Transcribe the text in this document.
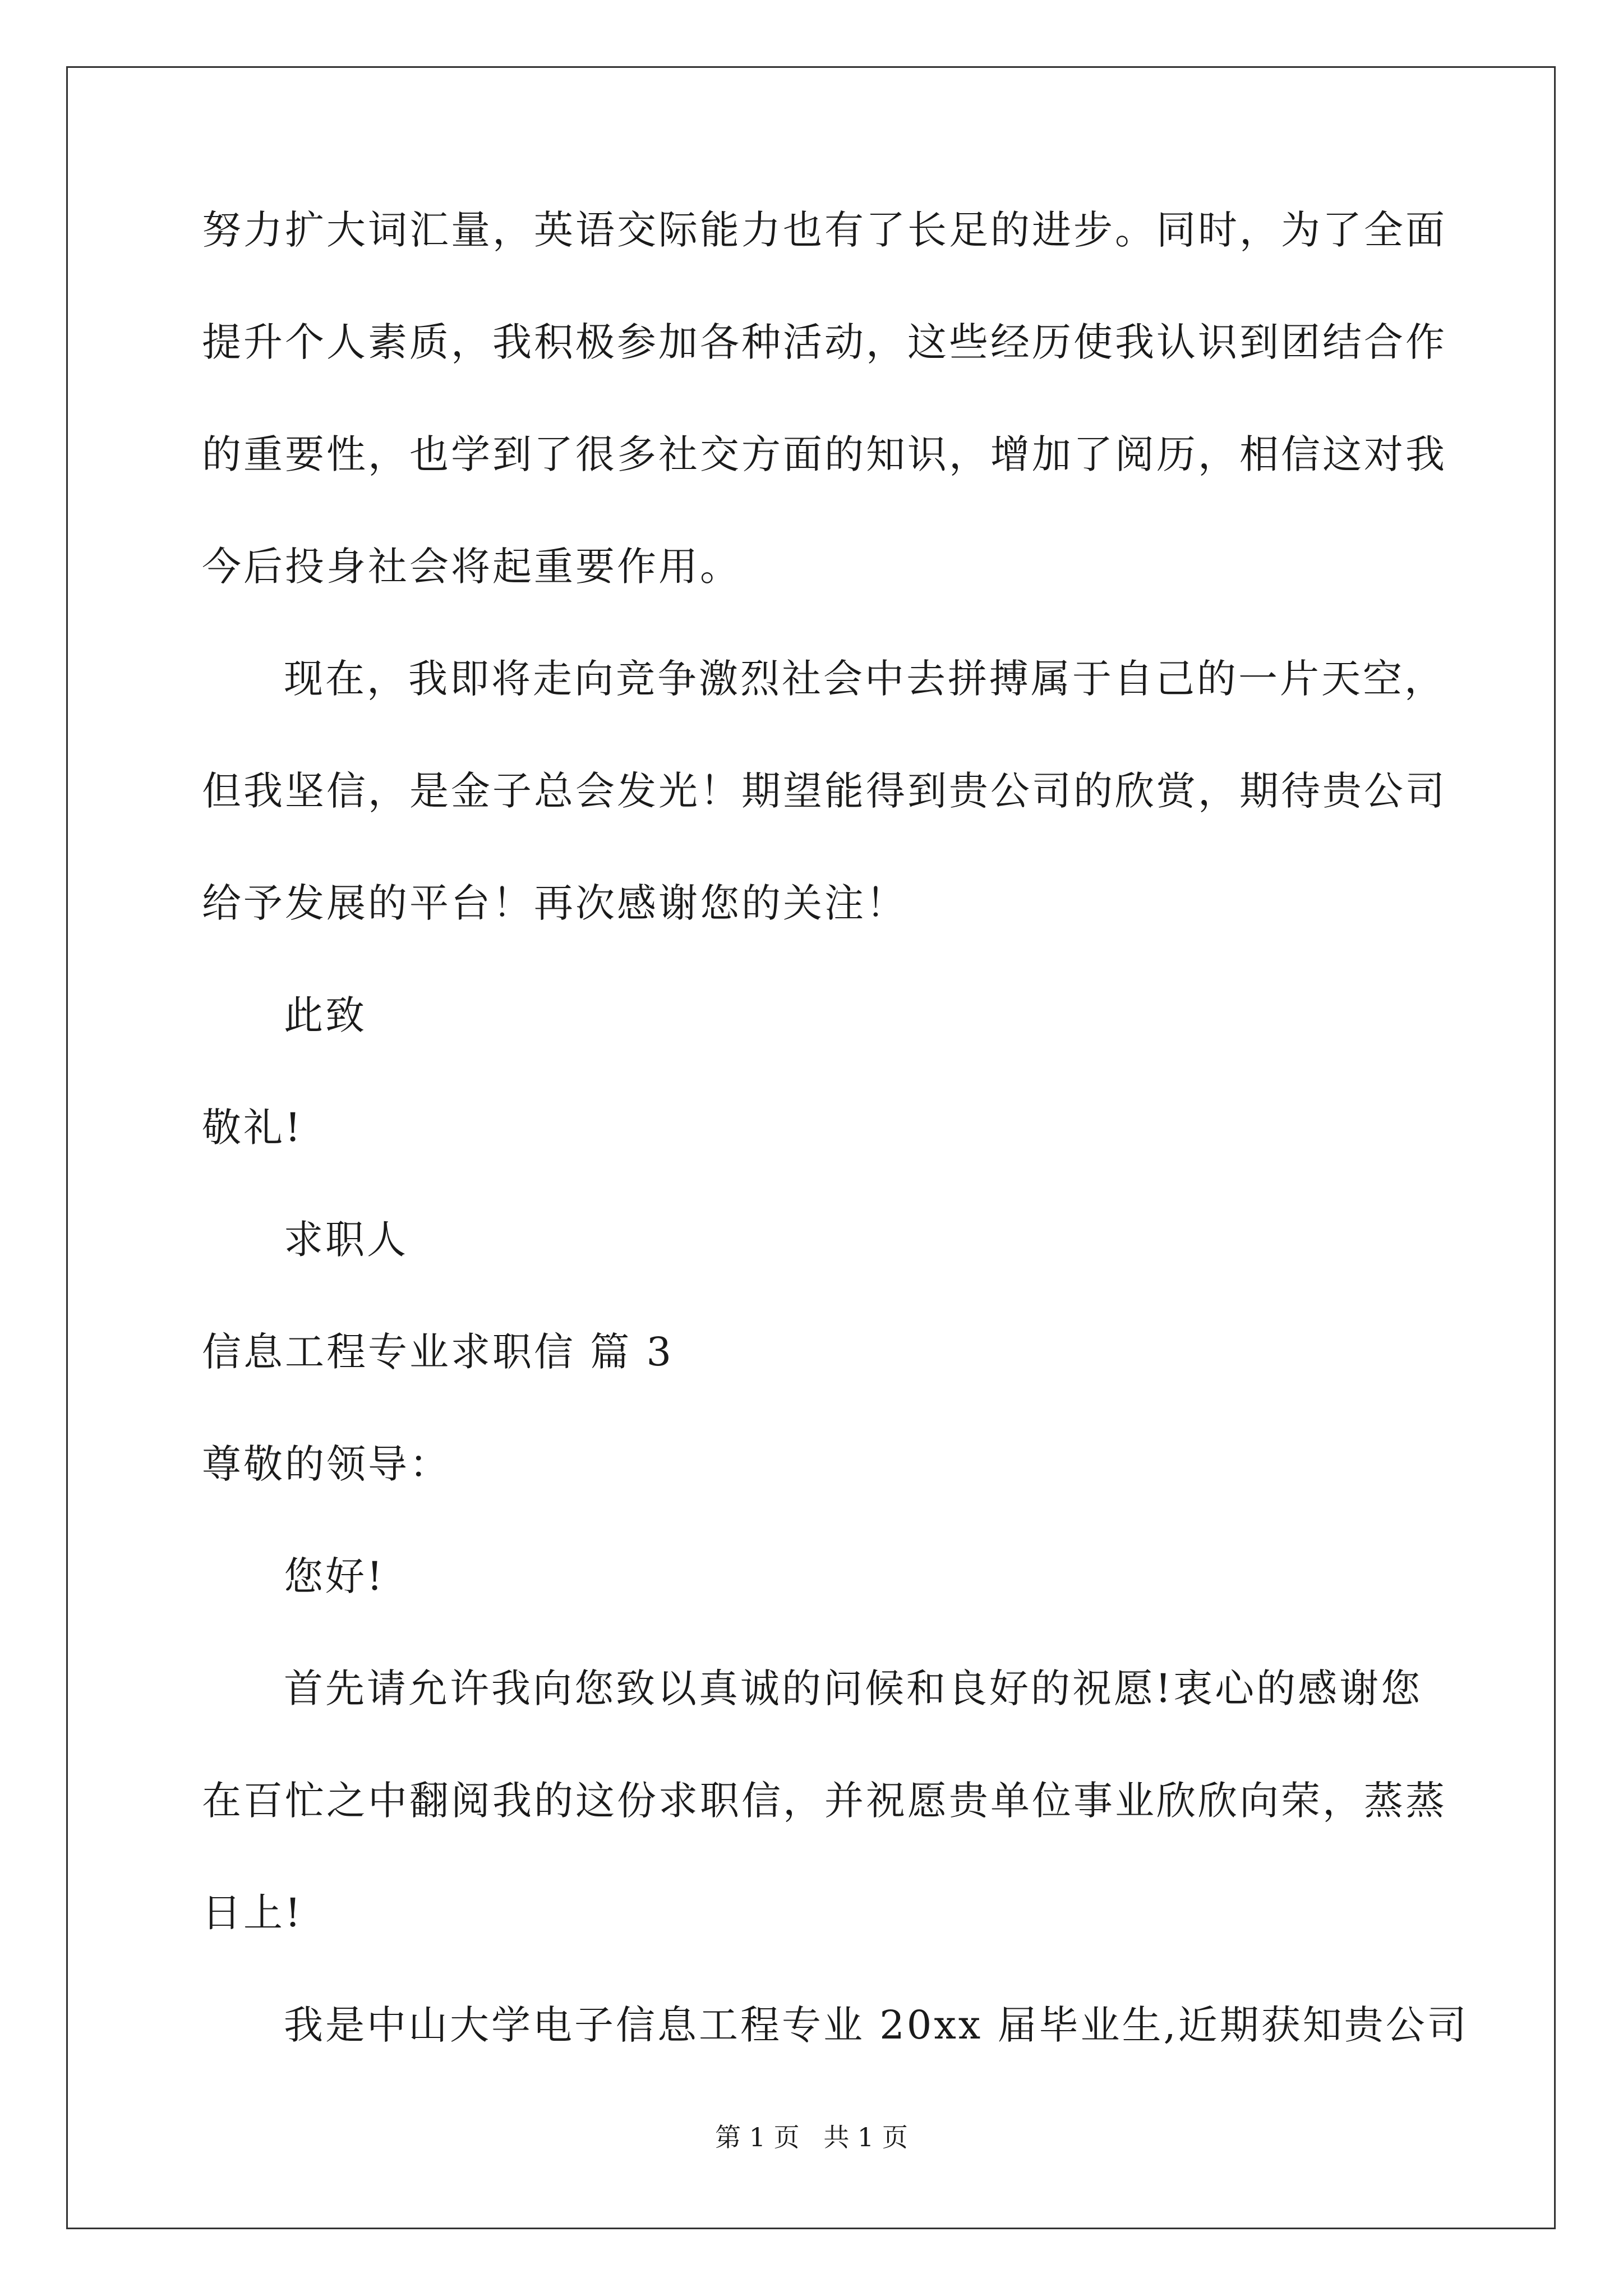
努力扩大词汇量，英语交际能力也有了长足的进步。同时，为了全面
提升个人素质，我积极参加各种活动，这些经历使我认识到团结合作
的重要性，也学到了很多社交方面的知识，增加了阅历，相信这对我
今后投身社会将起重要作用。
现在，我即将走向竞争激烈社会中去拼搏属于自己的一片天空，
但我坚信，是金子总会发光！期望能得到贵公司的欣赏，期待贵公司
给予发展的平台！再次感谢您的关注！
此致
敬礼!
求职人
信息工程专业求职信 篇 3
尊敬的领导：
您好!
首先请允许我向您致以真诚的问候和良好的祝愿!衷心的感谢您
在百忙之中翻阅我的这份求职信，并祝愿贵单位事业欣欣向荣，蒸蒸
日上!
我是中山大学电子信息工程专业 20xx 届毕业生,近期获知贵公司
第 1 页 共 1 页
